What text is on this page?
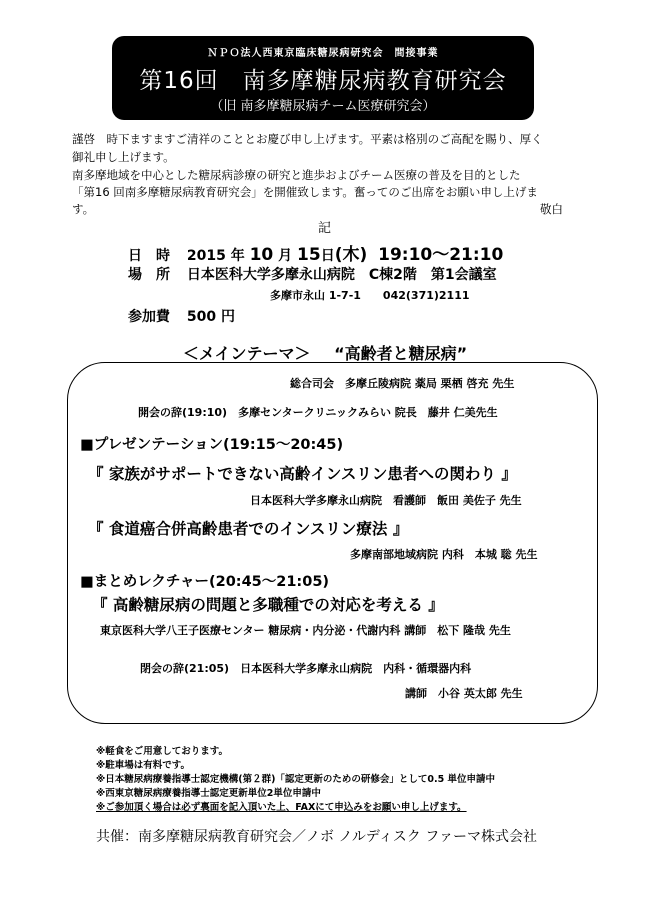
ＮＰＯ法人西東京臨床糖尿病研究会　間接事業
第16回　南多摩糖尿病教育研究会
（旧 南多摩糖尿病チーム医療研究会）
謹啓　時下ますますご清祥のこととお慶び申し上げます。平素は格別のご高配を賜り、厚く
御礼申し上げます。
南多摩地域を中心とした糖尿病診療の研究と進歩およびチーム医療の普及を目的とした
「第16 回南多摩糖尿病教育研究会」を開催致します。奮ってのご出席をお願い申し上げま
す。	敬白
記
日　時 2015 年 10 月 15日(木) 19:10～21:10
場　所 日本医科大学多摩永山病院　C棟2階　第1会議室
多摩市永山 1-7-1　　042(371)2111
参加費 500 円
＜メインテーマ＞ “高齢者と糖尿病”
総合司会　多摩丘陵病院 薬局 栗栖 啓充 先生
開会の辞(19:10)　多摩センタークリニックみらい 院長　藤井 仁美先生
■プレゼンテーション(19:15～20:45)
『 家族がサポートできない高齢インスリン患者への関わり 』
日本医科大学多摩永山病院　看護師　飯田 美佐子 先生
『 食道癌合併高齢患者でのインスリン療法 』
多摩南部地域病院 内科　本城 聡 先生
■まとめレクチャー(20:45～21:05)
『 高齢糖尿病の問題と多職種での対応を考える 』
東京医科大学八王子医療センター 糖尿病・内分泌・代謝内科 講師　松下 隆哉 先生
閉会の辞(21:05)　日本医科大学多摩永山病院　内科・循環器内科
講師　小谷 英太郎 先生
※軽食をご用意しております。
※駐車場は有料です。
※日本糖尿病療養指導士認定機構(第２群)「認定更新のための研修会」として0.5 単位申請中
※西東京糖尿病療養指導士認定更新単位2単位申請中
※ご参加頂く場合は必ず裏面を記入頂いた上、FAXにて申込みをお願い申し上げます。
共催：南多摩糖尿病教育研究会／ノボ ノルディスク ファーマ株式会社
